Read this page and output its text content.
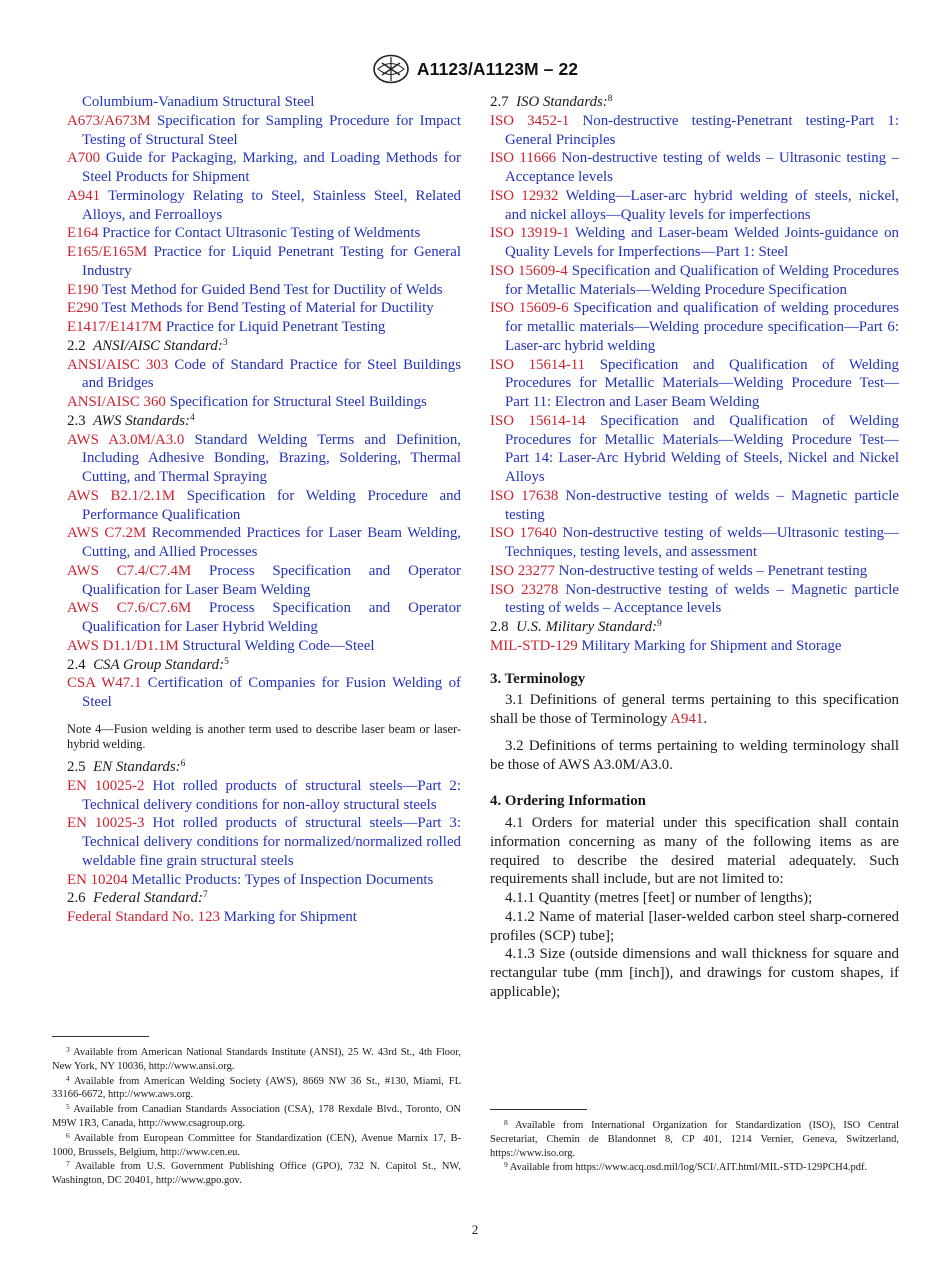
A1123/A1123M – 22
Columbium-Vanadium Structural Steel
A673/A673M Specification for Sampling Procedure for Impact Testing of Structural Steel
A700 Guide for Packaging, Marking, and Loading Methods for Steel Products for Shipment
A941 Terminology Relating to Steel, Stainless Steel, Related Alloys, and Ferroalloys
E164 Practice for Contact Ultrasonic Testing of Weldments
E165/E165M Practice for Liquid Penetrant Testing for General Industry
E190 Test Method for Guided Bend Test for Ductility of Welds
E290 Test Methods for Bend Testing of Material for Ductility
E1417/E1417M Practice for Liquid Penetrant Testing
2.2 ANSI/AISC Standard:$^3$
ANSI/AISC 303 Code of Standard Practice for Steel Buildings and Bridges
ANSI/AISC 360 Specification for Structural Steel Buildings
2.3 AWS Standards:$^4$
AWS A3.0M/A3.0 Standard Welding Terms and Definition, Including Adhesive Bonding, Brazing, Soldering, Thermal Cutting, and Thermal Spraying
AWS B2.1/2.1M Specification for Welding Procedure and Performance Qualification
AWS C7.2M Recommended Practices for Laser Beam Welding, Cutting, and Allied Processes
AWS C7.4/C7.4M Process Specification and Operator Qualification for Laser Beam Welding
AWS C7.6/C7.6M Process Specification and Operator Qualification for Laser Hybrid Welding
AWS D1.1/D1.1M Structural Welding Code—Steel
2.4 CSA Group Standard:$^5$
CSA W47.1 Certification of Companies for Fusion Welding of Steel
Note 4—Fusion welding is another term used to describe laser beam or laser-hybrid welding.
2.5 EN Standards:$^6$
EN 10025-2 Hot rolled products of structural steels—Part 2: Technical delivery conditions for non-alloy structural steels
EN 10025-3 Hot rolled products of structural steels—Part 3: Technical delivery conditions for normalized/normalized rolled weldable fine grain structural steels
EN 10204 Metallic Products: Types of Inspection Documents
2.6 Federal Standard:$^7$
Federal Standard No. 123 Marking for Shipment
2.7 ISO Standards:$^8$
ISO 3452-1 Non-destructive testing-Penetrant testing-Part 1: General Principles
ISO 11666 Non-destructive testing of welds – Ultrasonic testing – Acceptance levels
ISO 12932 Welding—Laser-arc hybrid welding of steels, nickel, and nickel alloys—Quality levels for imperfections
ISO 13919-1 Welding and Laser-beam Welded Joints-guidance on Quality Levels for Imperfections—Part 1: Steel
ISO 15609-4 Specification and Qualification of Welding Procedures for Metallic Materials—Welding Procedure Specification
ISO 15609-6 Specification and qualification of welding procedures for metallic materials—Welding procedure specification—Part 6: Laser-arc hybrid welding
ISO 15614-11 Specification and Qualification of Welding Procedures for Metallic Materials—Welding Procedure Test— Part 11: Electron and Laser Beam Welding
ISO 15614-14 Specification and Qualification of Welding Procedures for Metallic Materials—Welding Procedure Test— Part 14: Laser-Arc Hybrid Welding of Steels, Nickel and Nickel Alloys
ISO 17638 Non-destructive testing of welds – Magnetic particle testing
ISO 17640 Non-destructive testing of welds—Ultrasonic testing—Techniques, testing levels, and assessment
ISO 23277 Non-destructive testing of welds – Penetrant testing
ISO 23278 Non-destructive testing of welds – Magnetic particle testing of welds – Acceptance levels
2.8 U.S. Military Standard:$^9$
MIL-STD-129 Military Marking for Shipment and Storage
3. Terminology
3.1 Definitions of general terms pertaining to this specification shall be those of Terminology A941.
3.2 Definitions of terms pertaining to welding terminology shall be those of AWS A3.0M/A3.0.
4. Ordering Information
4.1 Orders for material under this specification shall contain information concerning as many of the following items as are required to describe the desired material adequately. Such requirements shall include, but are not limited to:
4.1.1 Quantity (metres [feet] or number of lengths);
4.1.2 Name of material [laser-welded carbon steel sharp-cornered profiles (SCP) tube];
4.1.3 Size (outside dimensions and wall thickness for square and rectangular tube (mm [inch]), and drawings for custom shapes, if applicable);

$^3$ Available from American National Standards Institute (ANSI), 25 W. 43rd St., 4th Floor, New York, NY 10036, http://www.ansi.org.

$^4$ Available from American Welding Society (AWS), 8669 NW 36 St., #130, Miami, FL 33166-6672, http://www.aws.org.

$^5$ Available from Canadian Standards Association (CSA), 178 Rexdale Blvd., Toronto, ON M9W 1R3, Canada, http://www.csagroup.org.

$^6$ Available from European Committee for Standardization (CEN), Avenue Marnix 17, B-1000, Brussels, Belgium, http://www.cen.eu.

$^7$ Available from U.S. Government Publishing Office (GPO), 732 N. Capitol St., NW, Washington, DC 20401, http://www.gpo.gov.

$^8$ Available from International Organization for Standardization (ISO), ISO Central Secretariat, Chemin de Blandonnet 8, CP 401, 1214 Vernier, Geneva, Switzerland, https://www.iso.org.

$^9$ Available from https://www.acq.osd.mil/log/SCI/.AIT.html/MIL-STD-129PCH4.pdf.

2
